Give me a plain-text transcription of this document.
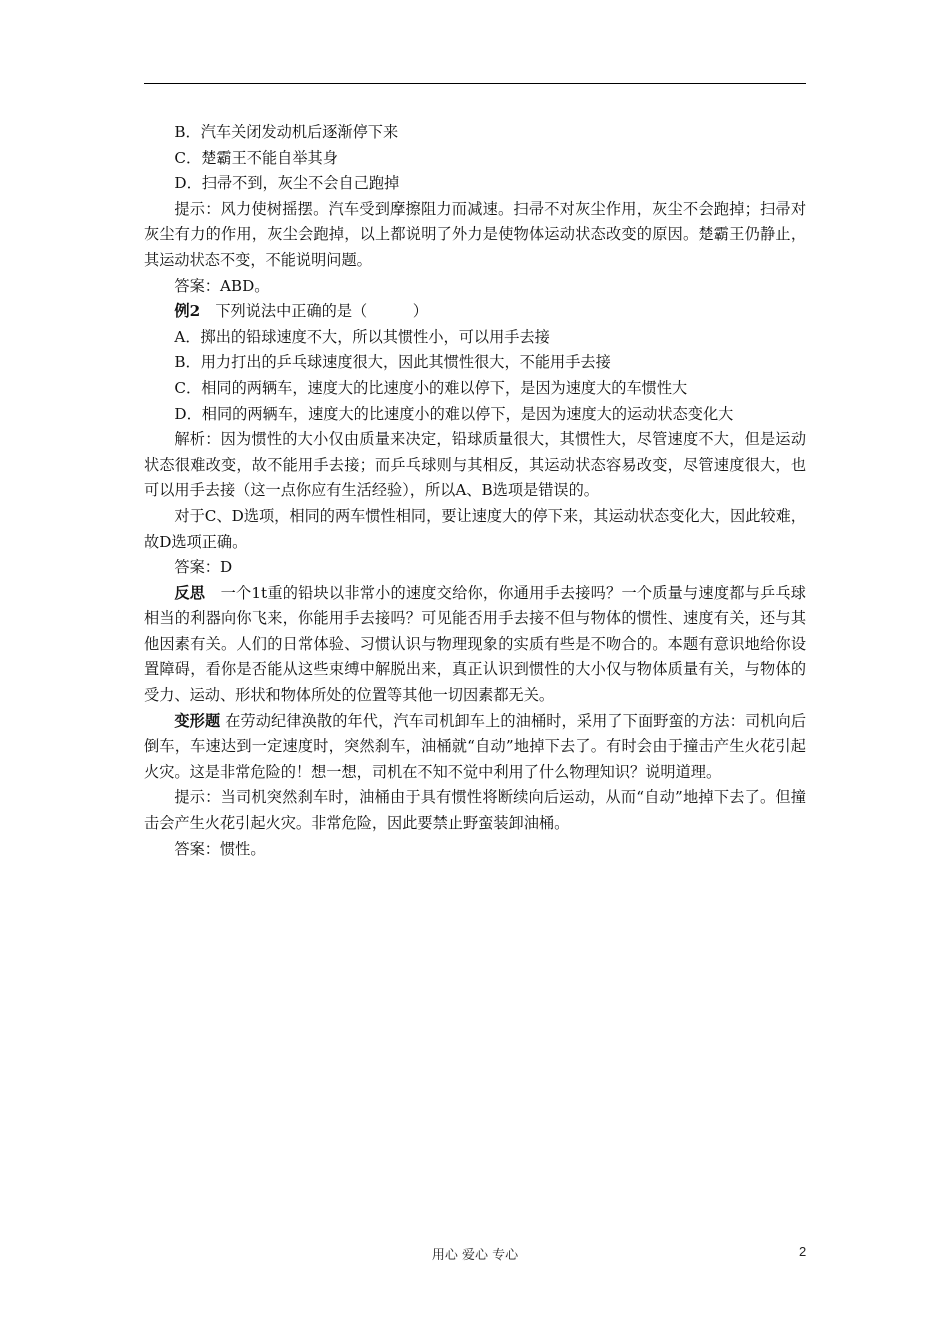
B．汽车关闭发动机后逐渐停下来

C．楚霸王不能自举其身

D．扫帚不到，灰尘不会自己跑掉

提示：风力使树摇摆。汽车受到摩擦阻力而减速。扫帚不对灰尘作用，灰尘不会跑掉；扫帚对灰尘有力的作用，灰尘会跑掉，以上都说明了外力是使物体运动状态改变的原因。楚霸王仍静止，其运动状态不变，不能说明问题。

答案：ABD。

例2　下列说法中正确的是（　　　）

A．掷出的铅球速度不大，所以其惯性小，可以用手去接

B．用力打出的乒乓球速度很大，因此其惯性很大，不能用手去接

C．相同的两辆车，速度大的比速度小的难以停下，是因为速度大的车惯性大

D．相同的两辆车，速度大的比速度小的难以停下，是因为速度大的运动状态变化大

解析：因为惯性的大小仅由质量来决定，铅球质量很大，其惯性大，尽管速度不大，但是运动状态很难改变，故不能用手去接；而乒乓球则与其相反，其运动状态容易改变，尽管速度很大，也可以用手去接（这一点你应有生活经验），所以A、B选项是错误的。

对于C、D选项，相同的两车惯性相同，要让速度大的停下来，其运动状态变化大，因此较难，故D选项正确。

答案：D

反思　一个1t重的铅块以非常小的速度交给你，你通用手去接吗？一个质量与速度都与乒乓球相当的利器向你飞来，你能用手去接吗？可见能否用手去接不但与物体的惯性、速度有关，还与其他因素有关。人们的日常体验、习惯认识与物理现象的实质有些是不吻合的。本题有意识地给你设置障碍，看你是否能从这些束缚中解脱出来，真正认识到惯性的大小仅与物体质量有关，与物体的受力、运动、形状和物体所处的位置等其他一切因素都无关。

变形题 在劳动纪律涣散的年代，汽车司机卸车上的油桶时，采用了下面野蛮的方法：司机向后倒车，车速达到一定速度时，突然刹车，油桶就“自动”地掉下去了。有时会由于撞击产生火花引起火灾。这是非常危险的！想一想，司机在不知不觉中利用了什么物理知识？说明道理。

提示：当司机突然刹车时，油桶由于具有惯性将断续向后运动，从而“自动”地掉下去了。但撞击会产生火花引起火灾。非常危险，因此要禁止野蛮装卸油桶。

答案：惯性。

用心 爱心 专心	2
